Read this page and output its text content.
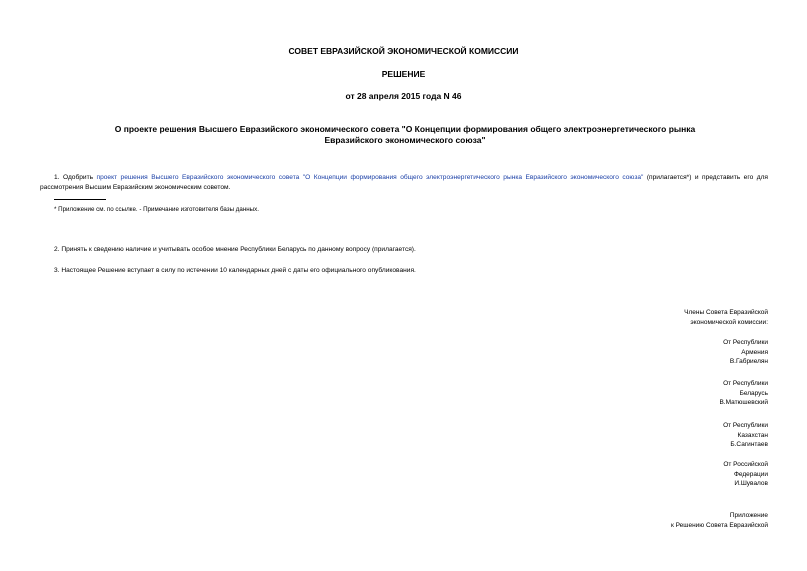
СОВЕТ ЕВРАЗИЙСКОЙ ЭКОНОМИЧЕСКОЙ КОМИССИИ
РЕШЕНИЕ
от 28 апреля 2015 года N 46
О проекте решения Высшего Евразийского экономического совета "О Концепции формирования общего электроэнергетического рынка Евразийского экономического союза"
1. Одобрить проект решения Высшего Евразийского экономического совета "О Концепции формирования общего электроэнергетического рынка Евразийского экономического союза" (прилагается*) и представить его для рассмотрения Высшим Евразийским экономическим советом.
* Приложение см. по ссылке. - Примечание изготовителя базы данных.
2. Принять к сведению наличие и учитывать особое мнение Республики Беларусь по данному вопросу (прилагается).
3. Настоящее Решение вступает в силу по истечении 10 календарных дней с даты его официального опубликования.
Члены Совета Евразийской
экономической комиссии:
От Республики
Армения
В.Габриелян
От Республики
Беларусь
В.Матюшевский
От Республики
Казахстан
Б.Сагинтаев
От Российской
Федерации
И.Шувалов
Приложение
к Решению Совета Евразийской
